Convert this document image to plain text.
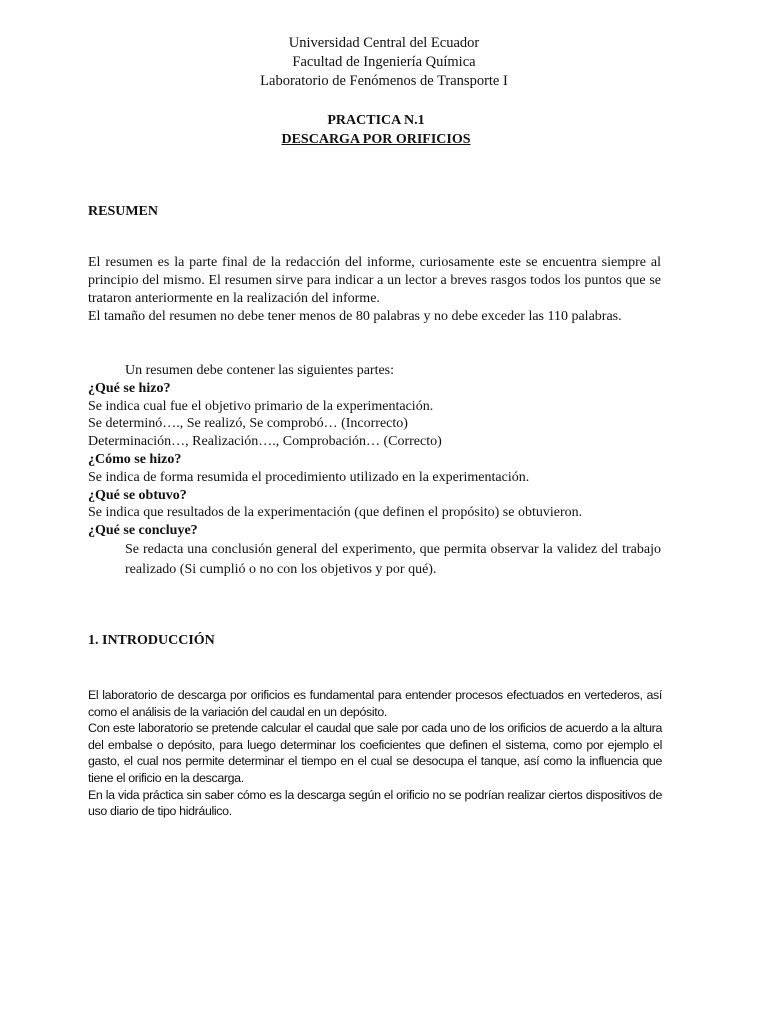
Universidad Central del Ecuador
Facultad de Ingeniería Química
Laboratorio de Fenómenos de Transporte I
PRACTICA N.1
DESCARGA POR ORIFICIOS
RESUMEN

El resumen es la parte final de la redacción del informe, curiosamente este se encuentra siempre al principio del mismo. El resumen sirve para indicar a un lector a breves rasgos todos los puntos que se trataron anteriormente en la realización del informe.

El tamaño del resumen no debe tener menos de 80 palabras y no debe exceder las 110 palabras.

Un resumen debe contener las siguientes partes:
¿Qué se hizo?
Se indica cual fue el objetivo primario de la experimentación.
Se determinó…., Se realizó, Se comprobó… (Incorrecto)
Determinación…, Realización…., Comprobación… (Correcto)
¿Cómo se hizo?
Se indica de forma resumida el procedimiento utilizado en la experimentación.
¿Qué se obtuvo?
Se indica que resultados de la experimentación (que definen el propósito) se obtuvieron.
¿Qué se concluye?
Se redacta una conclusión general del experimento, que permita observar la validez del trabajo realizado (Si cumplió o no con los objetivos y por qué).
1. INTRODUCCIÓN

El laboratorio de descarga por orificios es fundamental para entender procesos efectuados en vertederos, así como el análisis de la variación del caudal en un depósito.

Con este laboratorio se pretende calcular el caudal que sale por cada uno de los orificios de acuerdo a la altura del embalse o depósito, para luego determinar los coeficientes que definen el sistema, como por ejemplo el gasto, el cual nos permite determinar el tiempo en el cual se desocupa el tanque, así como la influencia que tiene el orificio en la descarga.

En la vida práctica sin saber cómo es la descarga según el orificio no se podrían realizar ciertos dispositivos de uso diario de tipo hidráulico.
